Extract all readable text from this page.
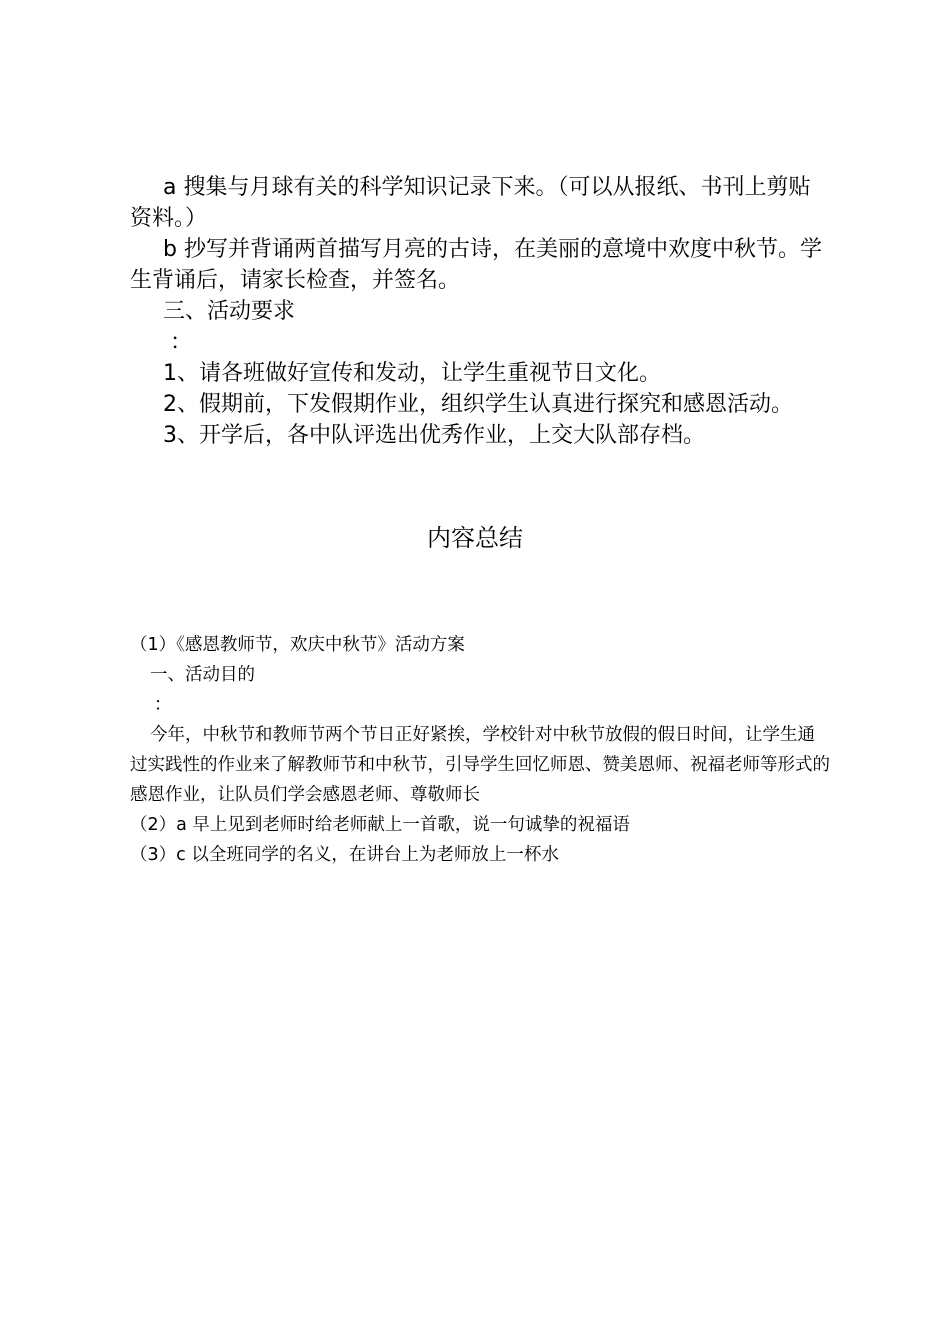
a 搜集与月球有关的科学知识记录下来。（可以从报纸、书刊上剪贴资料。）

b 抄写并背诵两首描写月亮的古诗，在美丽的意境中欢度中秋节。学生背诵后，请家长检查，并签名。

三、活动要求

：

1、请各班做好宣传和发动，让学生重视节日文化。

2、假期前，下发假期作业，组织学生认真进行探究和感恩活动。

3、开学后，各中队评选出优秀作业，上交大队部存档。

内容总结

（1）《感恩教师节，欢庆中秋节》活动方案

一、活动目的

：

今年，中秋节和教师节两个节日正好紧挨，学校针对中秋节放假的假日时间，让学生通过实践性的作业来了解教师节和中秋节，引导学生回忆师恩、赞美恩师、祝福老师等形式的感恩作业，让队员们学会感恩老师、尊敬师长

（2）a 早上见到老师时给老师献上一首歌，说一句诚挚的祝福语

（3）c 以全班同学的名义，在讲台上为老师放上一杯水
